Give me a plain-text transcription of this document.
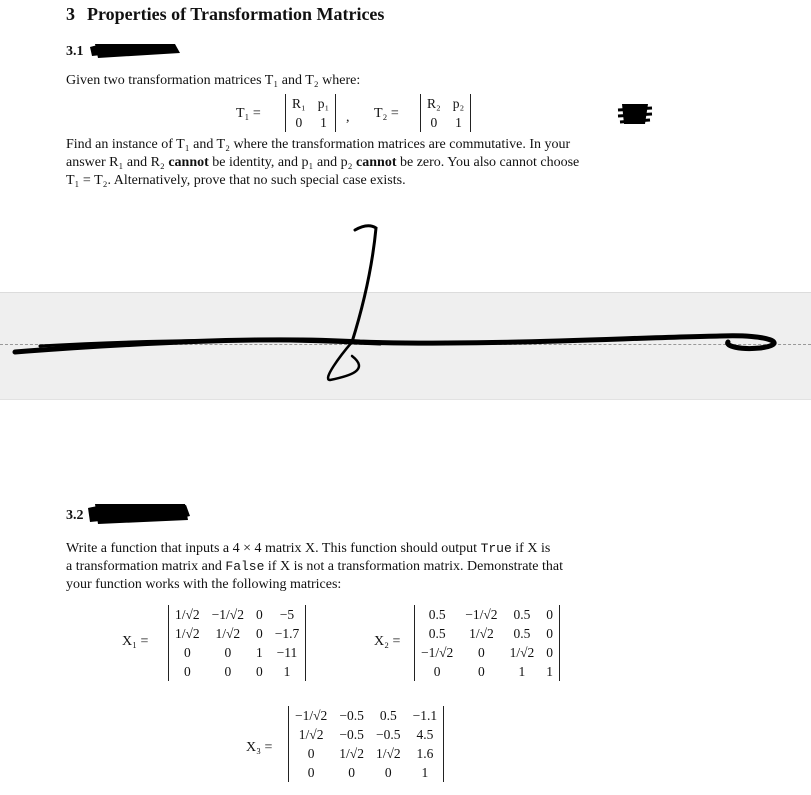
3 Properties of Transformation Matrices
3.1
Given two transformation matrices T₁ and T₂ where:
T₁ =
R₁	p₁
0	1 , T₂ =
R₂	p₂
0	1
Find an instance of T₁ and T₂ where the transformation matrices are commutative. In your
answer R₁ and R₂ cannot be identity, and p₁ and p₂ cannot be zero. You also cannot choose
T₁ = T₂. Alternatively, prove that no such special case exists.
3.2
Write a function that inputs a 4 × 4 matrix X. This function should output True if X is
a transformation matrix and False if X is not a transformation matrix. Demonstrate that
your function works with the following matrices:
X₁ =
1/√2	−1/√2	0	−5
1/√2	1/√2	0	−1.7
0	0	1	−11
0	0	0	1
X₂ =
0.5	−1/√2	0.5	0
0.5	1/√2	0.5	0
−1/√2	0	1/√2	0
0	0	1	1
X₃ =
−1/√2	−0.5	0.5	−1.1
1/√2	−0.5	−0.5	4.5
0	1/√2	1/√2	1.6
0	0	0	1
